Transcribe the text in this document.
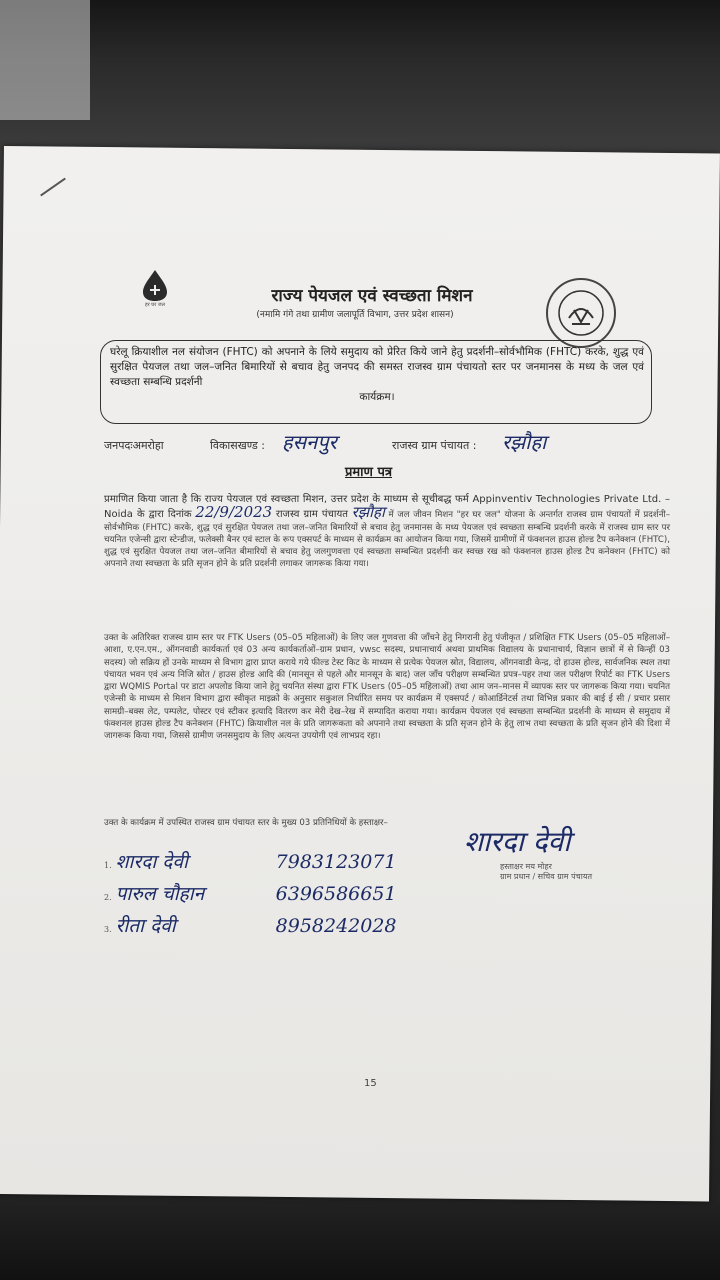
हर घर जल	राज्य पेयजल एवं स्वच्छता मिशन
(नमामि गंगे तथा ग्रामीण जलापूर्ति विभाग, उत्तर प्रदेश शासन)
घरेलू क्रियाशील नल संयोजन (FHTC) को अपनाने के लिये समुदाय को प्रेरित किये जाने हेतु प्रदर्शनी–सोर्वभौमिक (FHTC) करके, शुद्ध एवं सुरक्षित पेयजल तथा जल–जनित बिमारियों से बचाव हेतु जनपद की समस्त राजस्व ग्राम पंचायतो स्तर पर जनमानस के मध्य के जल एवं स्वच्छता सम्बन्धि प्रदर्शनी
कार्यक्रम।
जनपदःअमरोहा	विकासखण्ड : हसनपुर	राजस्व ग्राम पंचायत : रझौहा
प्रमाण पत्र
प्रमाणित किया जाता है कि राज्य पेयजल एवं स्वच्छता मिशन, उत्तर प्रदेश के माध्यम से सूचीबद्ध फर्म Appinventiv Technologies Private Ltd. – Noida के द्वारा दिनांक 22/9/2023 राजस्व ग्राम पंचायत रझौहा में जल जीवन मिशन "हर घर जल" योजना के अन्तर्गत राजस्व ग्राम पंचायतों में प्रदर्शनी–सोर्वभौमिक (FHTC) करके, शुद्ध एवं सुरक्षित पेयजल तथा जल–जनित बिमारियों से बचाव हेतु जनमानस के मध्य पेयजल एवं स्वच्छता सम्बन्धि प्रदर्शनी करके में राजस्व ग्राम स्तर पर चयनित एजेन्सी द्वारा स्टेन्डीज, फलेक्सी बैनर एवं स्टाल के रूप एक्सपर्ट के माध्यम से कार्यक्रम का आयोजन किया गया, जिसमें ग्रामीणों में फंक्शनल हाउस होल्ड टैप कनेक्शन (FHTC), शुद्ध एवं सुरक्षित पेयजल तथा जल–जनित बीमारियों से बचाव हेतु जलगुणवत्ता एवं स्वच्छता सम्बन्धित प्रदर्शनी कर स्वच्छ रख को फंक्शनल हाउस होल्ड टैप कनेक्शन (FHTC) को अपनाने तथा स्वच्छता के प्रति सृजन होने के प्रति प्रदर्शनी लगाकर जागरूक किया गया।
उक्त के अतिरिक्त राजस्व ग्राम स्तर पर FTK Users (05–05 महिलाओं) के लिए जल गुणवत्ता की जाँचने हेतु निगरानी हेतु पंजीकृत / प्रशिक्षित FTK Users (05–05 महिलाओं–आशा, ए.एन.एम., ऑगनवाडी कार्यकर्ता एवं 03 अन्य कार्यकर्ताओं–ग्राम प्रधान, vwsc सदस्य, प्रधानाचार्य अथवा प्राथमिक विद्यालय के प्रधानाचार्य, विज्ञान छात्रों में से किन्हीं 03 सदस्य) जो सक्रिय हों उनके माध्यम से विभाग द्वारा प्राप्त कराये गये फील्ड टेस्ट किट के माध्यम से प्रत्येक पेयजल स्रोत, विद्यालय, ऑगनवाडी केन्द्र, दो हाउस होल्ड, सार्वजनिक स्थल तथा पंचायत भवन एवं अन्य निजि स्रोत / हाउस होल्ड आदि की (मानसून से पहले और मानसून के बाद) जल जाँच परीक्षण सम्बन्धित प्रपत्र–पहर तथा जल परीक्षण रिपोर्ट का FTK Users द्वारा WQMIS Portal पर डाटा अपलोड किया जाने हेतु चयनित संस्था द्वारा FTK Users (05–05 महिलाओं) तथा आम जन–मानस में व्यापक स्तर पर जागरूक किया गया। चयनित एजेन्सी के माध्यम से मिशन विभाग द्वारा स्वीकृत माइक्रो के अनुसार सकुशल निर्धारित समय पर कार्यक्रम में एक्सपर्ट / कोआर्डिनेटर्स तथा विभिन्न प्रकार की बाई ई सी / प्रचार प्रसार सामग्री–बक्स लेट, पम्पलेट, पोस्टर एवं स्टीकर इत्यादि वितरण कर मेरी देख–रेख में सम्पादित कराया गया। कार्यक्रम पेयजल एवं स्वच्छता सम्बन्धित प्रदर्शनी के माध्यम से समुदाय में फंक्शनल हाउस होल्ड टैप कनेक्शन (FHTC) क्रियाशील नल के प्रति जागरूकता को अपनाने तथा स्वच्छता के प्रति सृजन होने के हेतु लाभ तथा स्वच्छता के प्रति सृजन होने की दिशा में जागरूक किया गया, जिससे ग्रामीण जनसमुदाय के लिए अत्यन्त उपयोगी एवं लाभप्रद रहा।
उक्त के कार्यक्रम में उपस्थित राजस्व ग्राम पंचायत स्तर के मुख्य 03 प्रतिनिधियों के हस्ताक्षर–
1. शारदा देवी	7983123071
2. पारुल चौहान	6396586651
3. रीता देवी	8958242028
शारदा देवी
हस्ताक्षर मय मोहर
ग्राम प्रधान / सचिव ग्राम पंचायत
15
